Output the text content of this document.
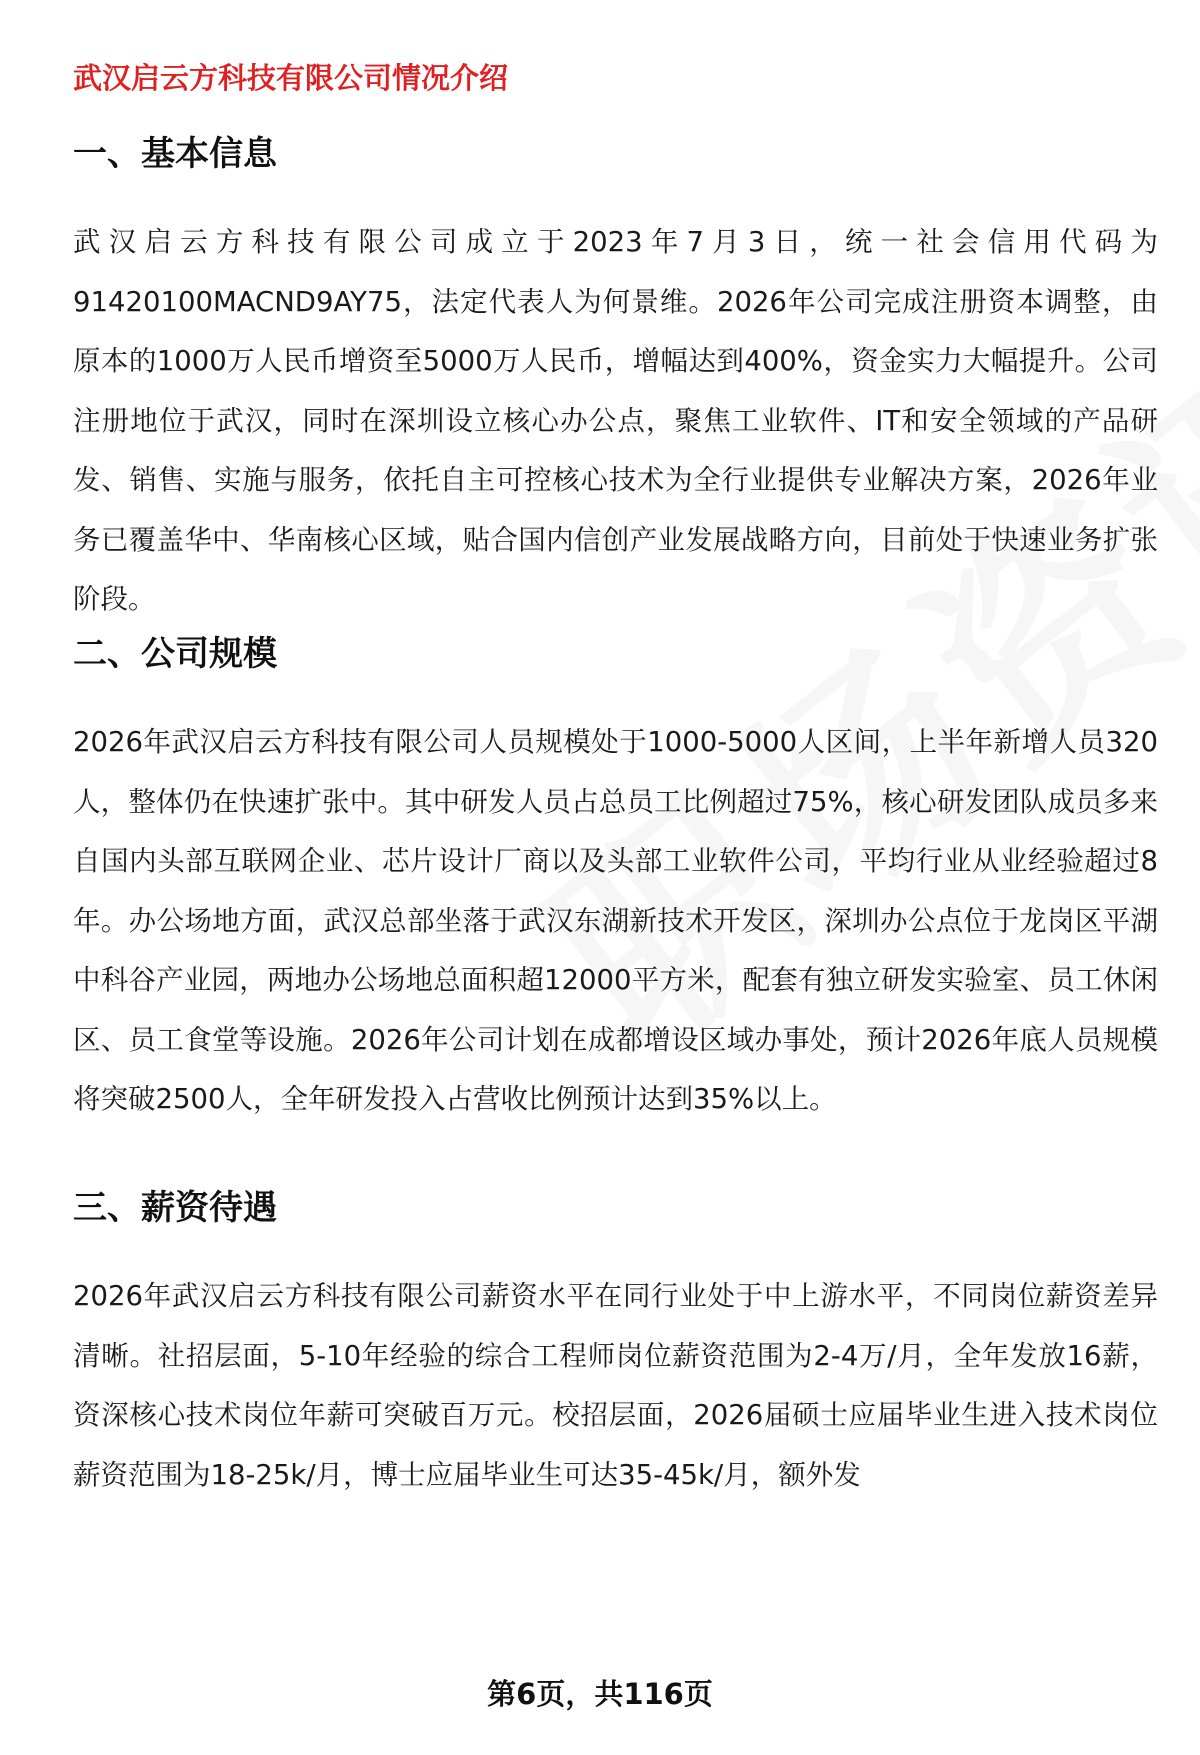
武汉启云方科技有限公司情况介绍
一、基本信息

武汉启云方科技有限公司成立于2023年7月3日，统一社会信用代码为91420100MACND9AY75，法定代表人为何景维。2026年公司完成注册资本调整，由原本的1000万人民币增资至5000万人民币，增幅达到400%，资金实力大幅提升。公司注册地位于武汉，同时在深圳设立核心办公点，聚焦工业软件、IT和安全领域的产品研发、销售、实施与服务，依托自主可控核心技术为全行业提供专业解决方案，2026年业务已覆盖华中、华南核心区域，贴合国内信创产业发展战略方向，目前处于快速业务扩张阶段。

二、公司规模

2026年武汉启云方科技有限公司人员规模处于1000-5000人区间，上半年新增人员320人，整体仍在快速扩张中。其中研发人员占总员工比例超过75%，核心研发团队成员多来自国内头部互联网企业、芯片设计厂商以及头部工业软件公司，平均行业从业经验超过8年。办公场地方面，武汉总部坐落于武汉东湖新技术开发区，深圳办公点位于龙岗区平湖中科谷产业园，两地办公场地总面积超12000平方米，配套有独立研发实验室、员工休闲区、员工食堂等设施。2026年公司计划在成都增设区域办事处，预计2026年底人员规模将突破2500人，全年研发投入占营收比例预计达到35%以上。

三、薪资待遇

2026年武汉启云方科技有限公司薪资水平在同行业处于中上游水平，不同岗位薪资差异清晰。社招层面，5-10年经验的综合工程师岗位薪资范围为2-4万/月，全年发放16薪，资深核心技术岗位年薪可突破百万元。校招层面，2026届硕士应届毕业生进入技术岗位薪资范围为18-25k/月，博士应届毕业生可达35-45k/月，额外发

第6页，共116页
